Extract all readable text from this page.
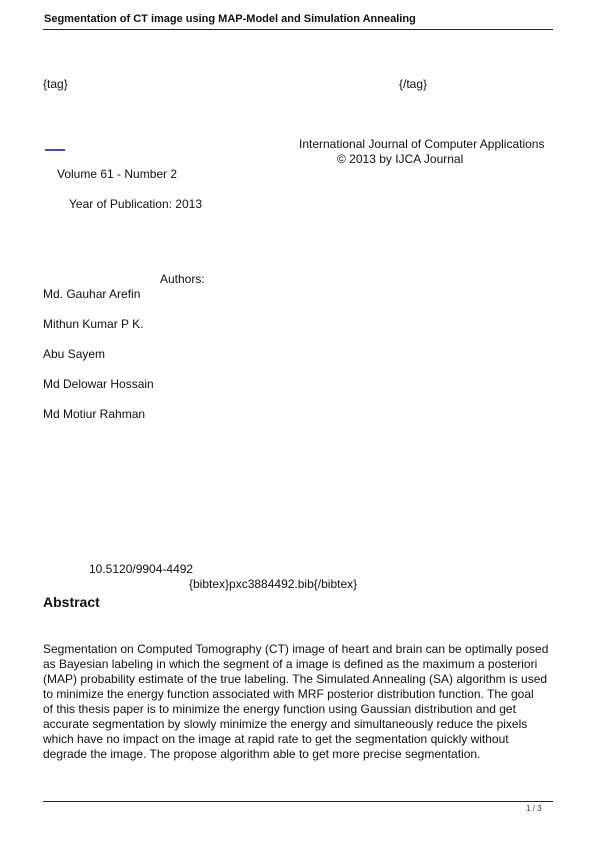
Segmentation of CT image using MAP-Model and Simulation Annealing
{tag}	{/tag}
International Journal of Computer Applications
© 2013 by IJCA Journal
Volume 61 - Number 2
Year of Publication: 2013
Authors:
Md. Gauhar Arefin
Mithun Kumar P K.
Abu Sayem
Md Delowar Hossain
Md Motiur Rahman
10.5120/9904-4492
{bibtex}pxc3884492.bib{/bibtex}
Abstract
Segmentation on Computed Tomography (CT) image of heart and brain can be optimally posed
as Bayesian labeling in which the segment of a image is defined as the maximum a posteriori
(MAP) probability estimate of the true labeling. The Simulated Annealing (SA) algorithm is used
to minimize the energy function associated with MRF posterior distribution function. The goal
of this thesis paper is to minimize the energy function using Gaussian distribution and get
accurate segmentation by slowly minimize the energy and simultaneously reduce the pixels
which have no impact on the image at rapid rate to get the segmentation quickly without
degrade the image. The propose algorithm able to get more precise segmentation.
1 / 3
